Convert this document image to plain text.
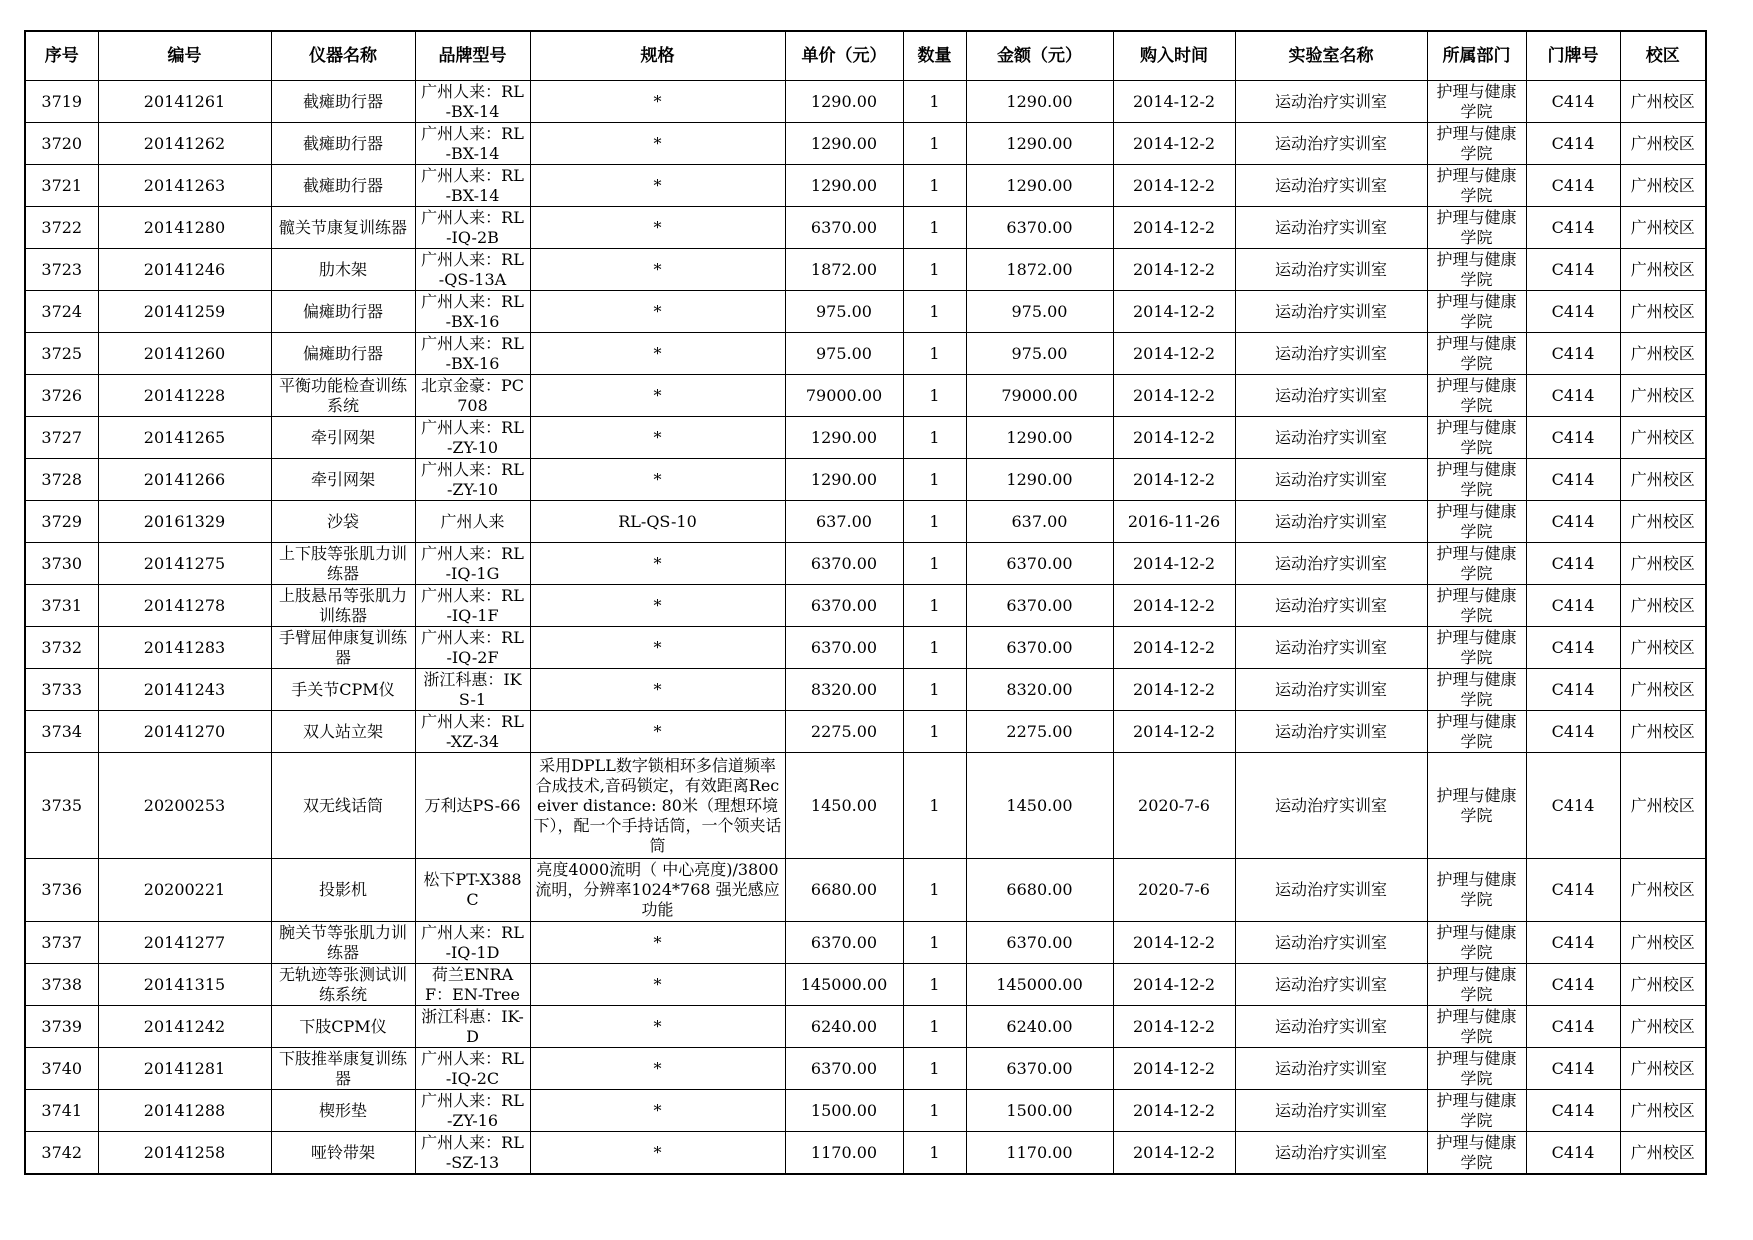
序号	编号	仪器名称	品牌型号	规格	单价（元）	数量	金额（元）	购入时间	实验室名称	所属部门	门牌号	校区

3719	20141261	截瘫助行器	广州人来：RL-BX-14	*	1290.00	1	1290.00	2014-12-2	运动治疗实训室	护理与健康学院	C414	广州校区

3720	20141262	截瘫助行器	广州人来：RL-BX-14	*	1290.00	1	1290.00	2014-12-2	运动治疗实训室	护理与健康学院	C414	广州校区

3721	20141263	截瘫助行器	广州人来：RL-BX-14	*	1290.00	1	1290.00	2014-12-2	运动治疗实训室	护理与健康学院	C414	广州校区

3722	20141280	髋关节康复训练器	广州人来：RL-IQ-2B	*	6370.00	1	6370.00	2014-12-2	运动治疗实训室	护理与健康学院	C414	广州校区

3723	20141246	肋木架	广州人来：RL-QS-13A	*	1872.00	1	1872.00	2014-12-2	运动治疗实训室	护理与健康学院	C414	广州校区

3724	20141259	偏瘫助行器	广州人来：RL-BX-16	*	975.00	1	975.00	2014-12-2	运动治疗实训室	护理与健康学院	C414	广州校区

3725	20141260	偏瘫助行器	广州人来：RL-BX-16	*	975.00	1	975.00	2014-12-2	运动治疗实训室	护理与健康学院	C414	广州校区

3726	20141228	平衡功能检查训练系统	北京金豪：PC708	*	79000.00	1	79000.00	2014-12-2	运动治疗实训室	护理与健康学院	C414	广州校区

3727	20141265	牵引网架	广州人来：RL-ZY-10	*	1290.00	1	1290.00	2014-12-2	运动治疗实训室	护理与健康学院	C414	广州校区

3728	20141266	牵引网架	广州人来：RL-ZY-10	*	1290.00	1	1290.00	2014-12-2	运动治疗实训室	护理与健康学院	C414	广州校区

3729	20161329	沙袋	广州人来	RL-QS-10	637.00	1	637.00	2016-11-26	运动治疗实训室	护理与健康学院	C414	广州校区

3730	20141275	上下肢等张肌力训练器	广州人来：RL-IQ-1G	*	6370.00	1	6370.00	2014-12-2	运动治疗实训室	护理与健康学院	C414	广州校区

3731	20141278	上肢悬吊等张肌力训练器	广州人来：RL-IQ-1F	*	6370.00	1	6370.00	2014-12-2	运动治疗实训室	护理与健康学院	C414	广州校区

3732	20141283	手臂屈伸康复训练器	广州人来：RL-IQ-2F	*	6370.00	1	6370.00	2014-12-2	运动治疗实训室	护理与健康学院	C414	广州校区

3733	20141243	手关节CPM仪	浙江科惠：IKS-1	*	8320.00	1	8320.00	2014-12-2	运动治疗实训室	护理与健康学院	C414	广州校区

3734	20141270	双人站立架	广州人来：RL-XZ-34	*	2275.00	1	2275.00	2014-12-2	运动治疗实训室	护理与健康学院	C414	广州校区

3735	20200253	双无线话筒	万利达PS-66	采用DPLL数字锁相环多信道频率合成技术,音码锁定，有效距离Receiver distance: 80米（理想环境下），配一个手持话筒，一个领夹话筒	1450.00	1	1450.00	2020-7-6	运动治疗实训室	护理与健康学院	C414	广州校区

3736	20200221	投影机	松下PT-X388C	亮度4000流明（ 中心亮度)/3800流明，分辨率1024*768 强光感应功能	6680.00	1	6680.00	2020-7-6	运动治疗实训室	护理与健康学院	C414	广州校区

3737	20141277	腕关节等张肌力训练器	广州人来：RL-IQ-1D	*	6370.00	1	6370.00	2014-12-2	运动治疗实训室	护理与健康学院	C414	广州校区

3738	20141315	无轨迹等张测试训练系统	荷兰ENRAF：EN-Tree	*	145000.00	1	145000.00	2014-12-2	运动治疗实训室	护理与健康学院	C414	广州校区

3739	20141242	下肢CPM仪	浙江科惠：IK-D	*	6240.00	1	6240.00	2014-12-2	运动治疗实训室	护理与健康学院	C414	广州校区

3740	20141281	下肢推举康复训练器	广州人来：RL-IQ-2C	*	6370.00	1	6370.00	2014-12-2	运动治疗实训室	护理与健康学院	C414	广州校区

3741	20141288	楔形垫	广州人来：RL-ZY-16	*	1500.00	1	1500.00	2014-12-2	运动治疗实训室	护理与健康学院	C414	广州校区

3742	20141258	哑铃带架	广州人来：RL-SZ-13	*	1170.00	1	1170.00	2014-12-2	运动治疗实训室	护理与健康学院	C414	广州校区
